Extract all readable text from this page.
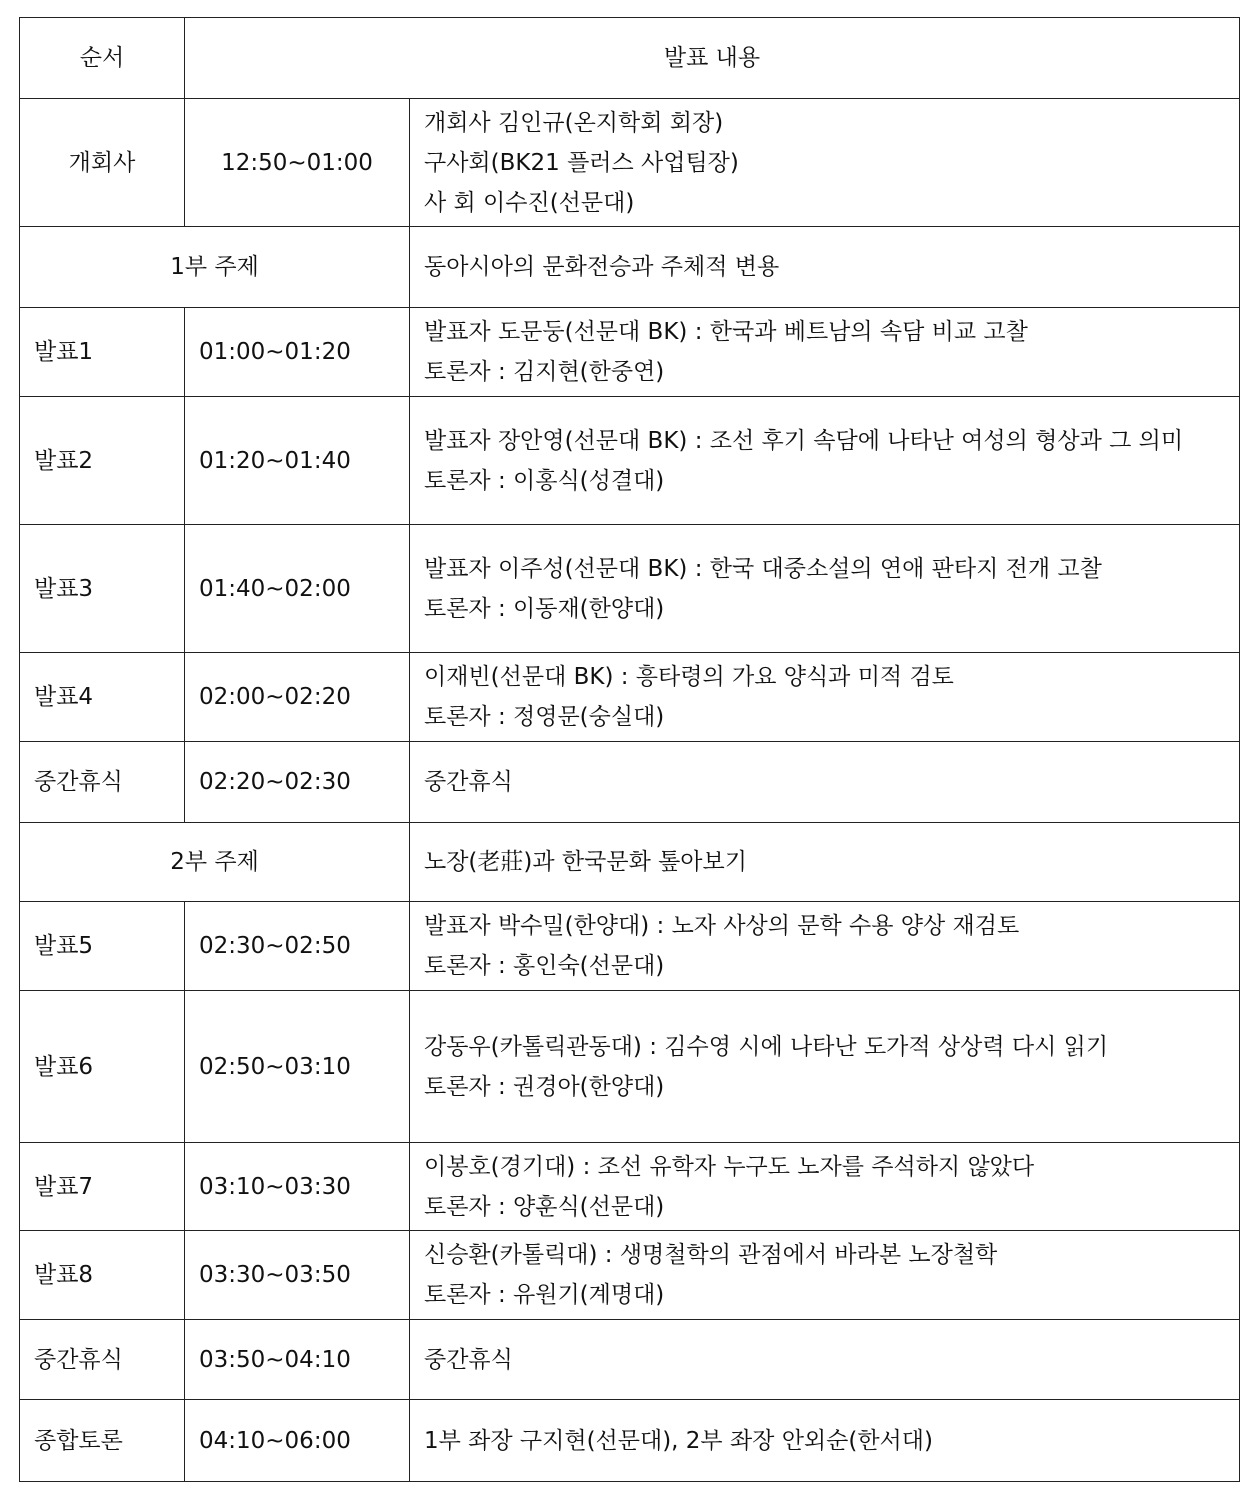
순서	발표 내용	
개회사	12:50~01:00	개회사 김인규(온지학회 회장)
구사회(BK21 플러스 사업팀장)
사 회 이수진(선문대)

1부 주제		동아시아의 문화전승과 주체적 변용
발표1	01:00~01:20	발표자 도문둥(선문대 BK) : 한국과 베트남의 속담 비교 고찰
토론자 : 김지현(한중연)

발표2	01:20~01:40	발표자 장안영(선문대 BK) : 조선 후기 속담에 나타난 여성의 형상과 그 의미
토론자 : 이홍식(성결대)

발표3	01:40~02:00	발표자 이주성(선문대 BK) : 한국 대중소설의 연애 판타지 전개 고찰
토론자 : 이동재(한양대)

발표4	02:00~02:20	이재빈(선문대 BK) : 흥타령의 가요 양식과 미적 검토
토론자 : 정영문(숭실대)

중간휴식	02:20~02:30	중간휴식

2부 주제		노장(老莊)과 한국문화 톺아보기
발표5	02:30~02:50	발표자 박수밀(한양대) : 노자 사상의 문학 수용 양상 재검토
토론자 : 홍인숙(선문대)

발표6	02:50~03:10	강동우(카톨릭관동대) : 김수영 시에 나타난 도가적 상상력 다시 읽기
토론자 : 권경아(한양대)

발표7	03:10~03:30	이봉호(경기대) : 조선 유학자 누구도 노자를 주석하지 않았다
토론자 : 양훈식(선문대)

발표8	03:30~03:50	신승환(카톨릭대) : 생명철학의 관점에서 바라본 노장철학
토론자 : 유원기(계명대)

중간휴식	03:50~04:10	중간휴식

종합토론	04:10~06:00	1부 좌장 구지현(선문대), 2부 좌장 안외순(한서대)
